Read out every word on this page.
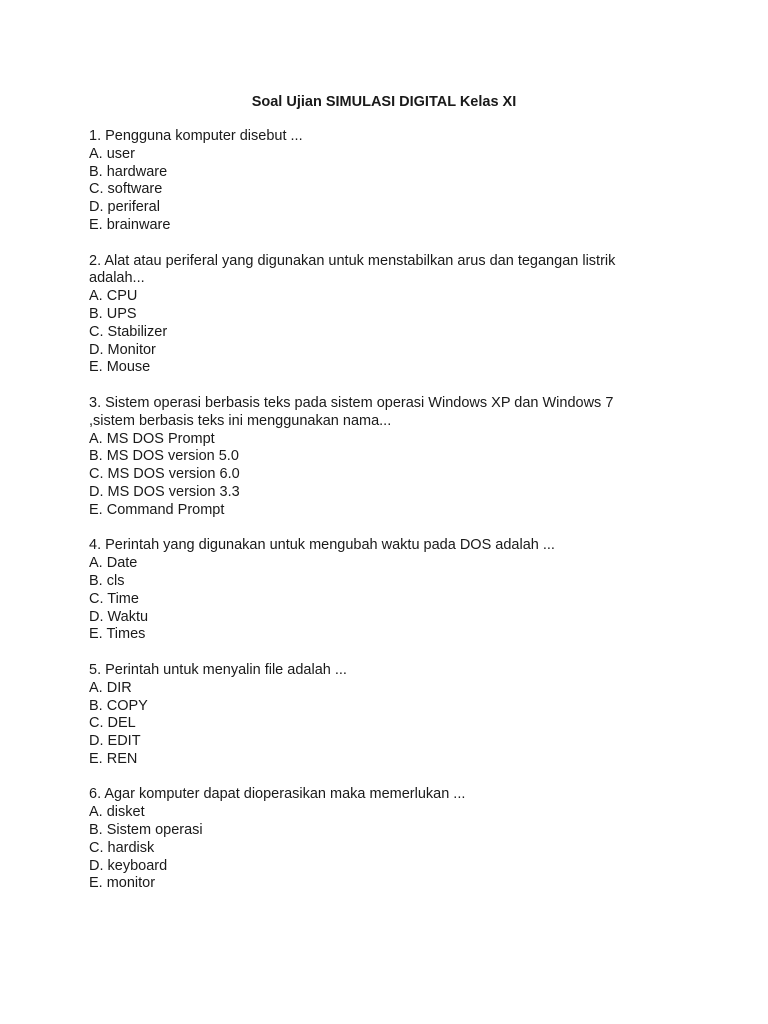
Soal Ujian SIMULASI DIGITAL Kelas XI
1. Pengguna komputer disebut ...
A. user
B. hardware
C. software
D. periferal
E. brainware
2. Alat atau periferal yang digunakan untuk menstabilkan arus dan tegangan listrik adalah...
A. CPU
B. UPS
C. Stabilizer
D. Monitor
E. Mouse
3. Sistem operasi berbasis teks pada sistem operasi Windows XP dan Windows 7 ,sistem berbasis teks ini menggunakan nama...
A. MS DOS Prompt
B. MS DOS version 5.0
C. MS DOS version 6.0
D. MS DOS version 3.3
E. Command Prompt
4. Perintah yang digunakan untuk mengubah waktu pada DOS adalah ...
A. Date
B. cls
C. Time
D. Waktu
E. Times
5. Perintah untuk menyalin file adalah ...
A. DIR
B. COPY
C. DEL
D. EDIT
E. REN
6. Agar komputer dapat dioperasikan maka memerlukan ...
A. disket
B. Sistem operasi
C. hardisk
D. keyboard
E. monitor
